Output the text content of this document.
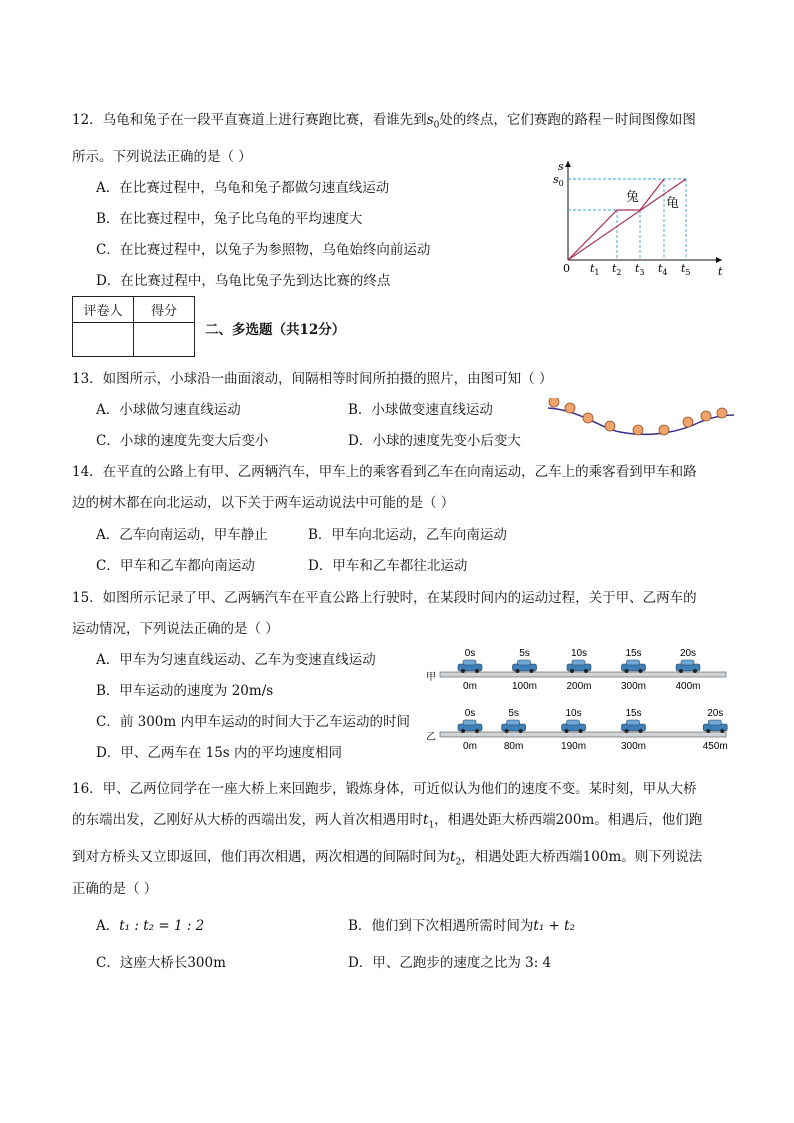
12．乌龟和兔子在一段平直赛道上进行赛跑比赛，看谁先到$s_0$处的终点，它们赛跑的路程－时间图像如图
所示。下列说法正确的是（ ）
A．在比赛过程中，乌龟和兔子都做匀速直线运动
B．在比赛过程中，兔子比乌龟的平均速度大
C．在比赛过程中，以兔子为参照物，乌龟始终向前运动
D．在比赛过程中，乌龟比兔子先到达比赛的终点
s
t
0
$s_0$
兔 龟
$t_1$ $t_2$ $t_3$ $t_4$ $t_5$
评卷人	得分

二、多选题（共12分）
13．如图所示，小球沿一曲面滚动，间隔相等时间所拍摄的照片，由图可知（ ）
A．小球做匀速直线运动	B．小球做变速直线运动
C．小球的速度先变大后变小	D．小球的速度先变小后变大
14．在平直的公路上有甲、乙两辆汽车，甲车上的乘客看到乙车在向南运动，乙车上的乘客看到甲车和路
边的树木都在向北运动，以下关于两车运动说法中可能的是（ ）
A．乙车向南运动，甲车静止	B．甲车向北运动，乙车向南运动
C．甲车和乙车都向南运动	D．甲车和乙车都往北运动
15．如图所示记录了甲、乙两辆汽车在平直公路上行驶时，在某段时间内的运动过程，关于甲、乙两车的
运动情况，下列说法正确的是（ ）
A．甲车为匀速直线运动、乙车为变速直线运动
B．甲车运动的速度为 20m/s
C．前 300m 内甲车运动的时间大于乙车运动的时间
D．甲、乙两车在 15s 内的平均速度相同
甲
0s
0m
5s
100m
10s
200m
15s
300m
20s
400m
乙
0s
0m
5s
80m
10s
190m
15s
300m
20s
450m
16．甲、乙两位同学在一座大桥上来回跑步，锻炼身体，可近似认为他们的速度不变。某时刻，甲从大桥
的东端出发，乙刚好从大桥的西端出发，两人首次相遇用时$t_1$，相遇处距大桥西端200m。相遇后，他们跑
到对方桥头又立即返回，他们再次相遇，两次相遇的间隔时间为$t_2$，相遇处距大桥西端100m。则下列说法
正确的是（ ）
A．t₁ : t₂ = 1 : 2	B．他们到下次相遇所需时间为t₁ + t₂
C．这座大桥长300m	D．甲、乙跑步的速度之比为 3: 4
